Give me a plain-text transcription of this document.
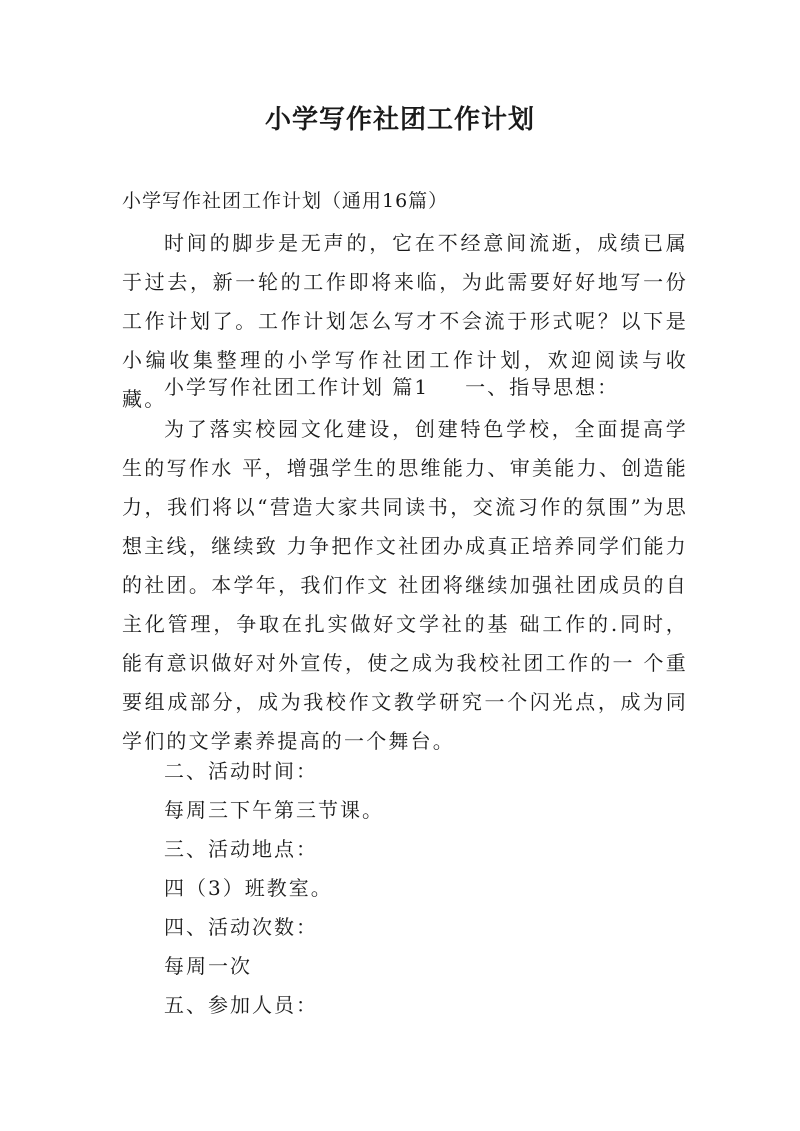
小学写作社团工作计划
小学写作社团工作计划（通用16篇）
时间的脚步是无声的，它在不经意间流逝，成绩已属于过去，新一轮的工作即将来临，为此需要好好地写一份工作计划了。工作计划怎么写才不会流于形式呢？以下是小编收集整理的小学写作社团工作计划，欢迎阅读与收藏。
小学写作社团工作计划 篇1 一、指导思想：
为了落实校园文化建设，创建特色学校，全面提高学生的写作水 平，增强学生的思维能力、审美能力、创造能力，我们将以“营造大家共同读书，交流习作的氛围”为思想主线，继续致 力争把作文社团办成真正培养同学们能力的社团。本学年，我们作文 社团将继续加强社团成员的自主化管理，争取在扎实做好文学社的基 础工作的.同时，能有意识做好对外宣传，使之成为我校社团工作的一 个重要组成部分，成为我校作文教学研究一个闪光点，成为同学们的文学素养提高的一个舞台。
二、活动时间：
每周三下午第三节课。
三、活动地点：
四（3）班教室。
四、活动次数：
每周一次
五、参加人员：
